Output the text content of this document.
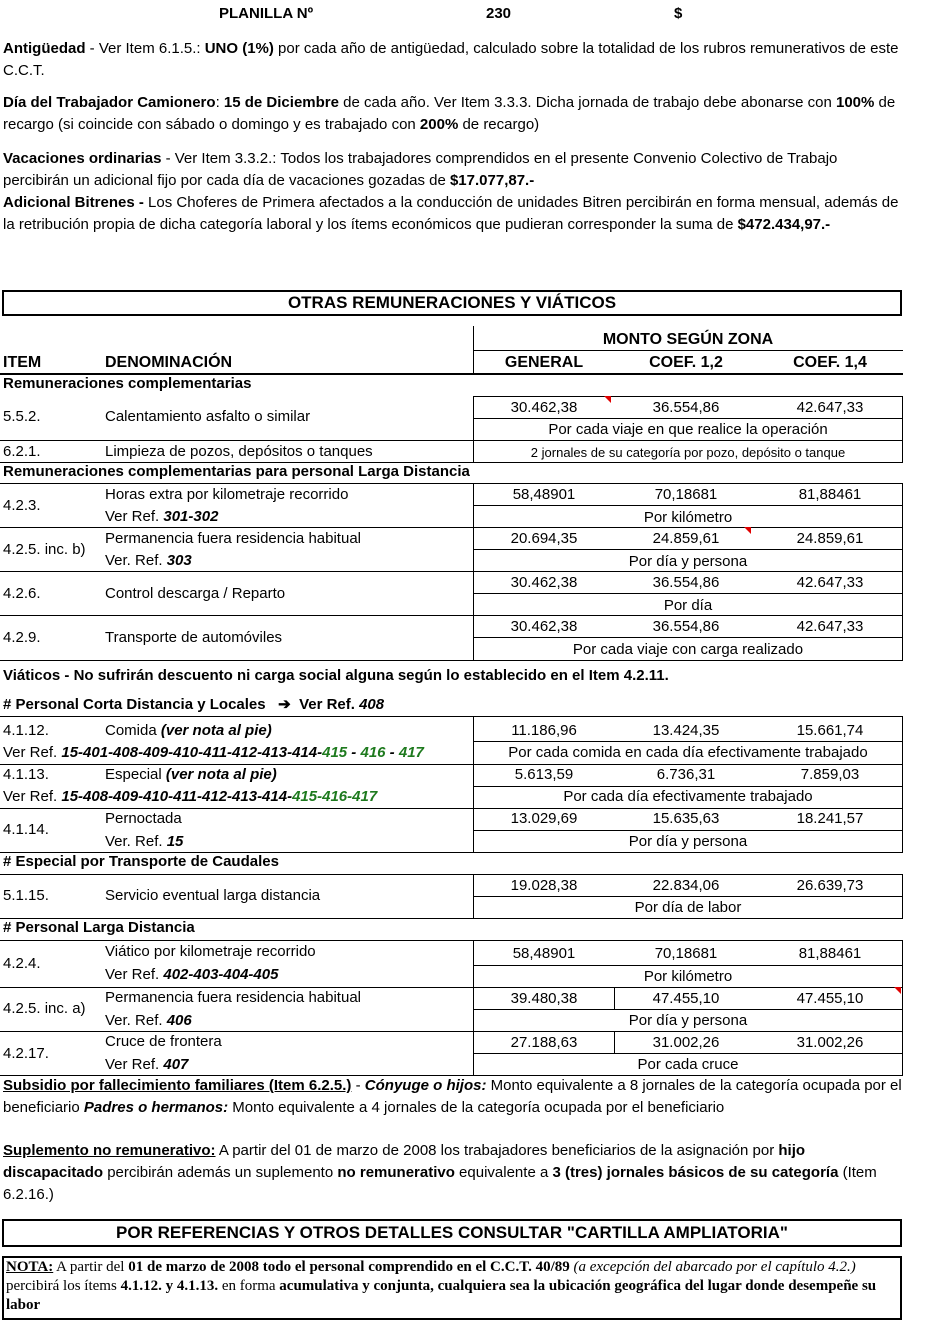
PLANILLA Nº	230	$
Antigüedad - Ver Item 6.1.5.: UNO (1%) por cada año de antigüedad, calculado sobre la totalidad de los rubros remunerativos de este C.C.T.
Día del Trabajador Camionero: 15 de Diciembre de cada año. Ver Item 3.3.3. Dicha jornada de trabajo debe abonarse con 100% de recargo (si coincide con sábado o domingo y es trabajado con 200% de recargo)
Vacaciones ordinarias - Ver Item 3.3.2.: Todos los trabajadores comprendidos en el presente Convenio Colectivo de Trabajo percibirán un adicional fijo por cada día de vacaciones gozadas de $17.077,87.-
Adicional Bitrenes - Los Choferes de Primera afectados a la conducción de unidades Bitren percibirán en forma mensual, además de la retribución propia de dicha categoría laboral y los ítems económicos que pudieran corresponder la suma de $472.434,97.-
OTRAS REMUNERACIONES Y VIÁTICOS
MONTO SEGÚN ZONA
ITEM	DENOMINACIÓN	GENERAL	COEF. 1,2	COEF. 1,4
Remuneraciones complementarias
5.5.2.	Calentamiento asfalto o similar
30.462,38	36.554,86	42.647,33
Por cada viaje en que realice la operación
6.2.1.	Limpieza de pozos, depósitos o tanques	2 jornales de su categoría por pozo, depósito o tanque
Remuneraciones complementarias para personal Larga Distancia
4.2.3.
Horas extra por kilometraje recorrido
Ver Ref. 301-302
58,48901	70,18681	81,88461
Por kilómetro
4.2.5. inc. b)
Permanencia fuera residencia habitual
Ver. Ref. 303
20.694,35	24.859,61	24.859,61
Por día y persona
4.2.6.	Control descarga / Reparto
30.462,38	36.554,86	42.647,33
Por día
4.2.9.	Transporte de automóviles
30.462,38	36.554,86	42.647,33
Por cada viaje con carga realizado
Viáticos - No sufrirán descuento ni carga social alguna según lo establecido en el Item 4.2.11.
# Personal Corta Distancia y Locales ➔ Ver Ref. 408
4.1.12.	Comida (ver nota al pie)
Ver Ref. 15-401-408-409-410-411-412-413-414-415 - 416 - 417
11.186,96	13.424,35	15.661,74
Por cada comida en cada día efectivamente trabajado
4.1.13.	Especial (ver nota al pie)
Ver Ref. 15-408-409-410-411-412-413-414-415-416-417
5.613,59	6.736,31	7.859,03
Por cada día efectivamente trabajado
4.1.14.
Pernoctada
Ver. Ref. 15
13.029,69	15.635,63	18.241,57
Por día y persona
# Especial por Transporte de Caudales
5.1.15.	Servicio eventual larga distancia
19.028,38	22.834,06	26.639,73
Por día de labor
# Personal Larga Distancia
4.2.4.
Viático por kilometraje recorrido
Ver Ref. 402-403-404-405
58,48901	70,18681	81,88461
Por kilómetro
4.2.5. inc. a)
Permanencia fuera residencia habitual
Ver. Ref. 406
39.480,38	47.455,10	47.455,10
Por día y persona
4.2.17.
Cruce de frontera
Ver Ref. 407
27.188,63	31.002,26	31.002,26
Por cada cruce
Subsidio por fallecimiento familiares (Item 6.2.5.) - Cónyuge o hijos: Monto equivalente a 8 jornales de la categoría ocupada por el beneficiario Padres o hermanos: Monto equivalente a 4 jornales de la categoría ocupada por el beneficiario
Suplemento no remunerativo: A partir del 01 de marzo de 2008 los trabajadores beneficiarios de la asignación por hijo discapacitado percibirán además un suplemento no remunerativo equivalente a 3 (tres) jornales básicos de su categoría (Item 6.2.16.)
POR REFERENCIAS Y OTROS DETALLES CONSULTAR "CARTILLA AMPLIATORIA"
NOTA: A partir del 01 de marzo de 2008 todo el personal comprendido en el C.C.T. 40/89 (a excepción del abarcado por el capítulo 4.2.) percibirá los ítems 4.1.12. y 4.1.13. en forma acumulativa y conjunta, cualquiera sea la ubicación geográfica del lugar donde desempeñe su labor
